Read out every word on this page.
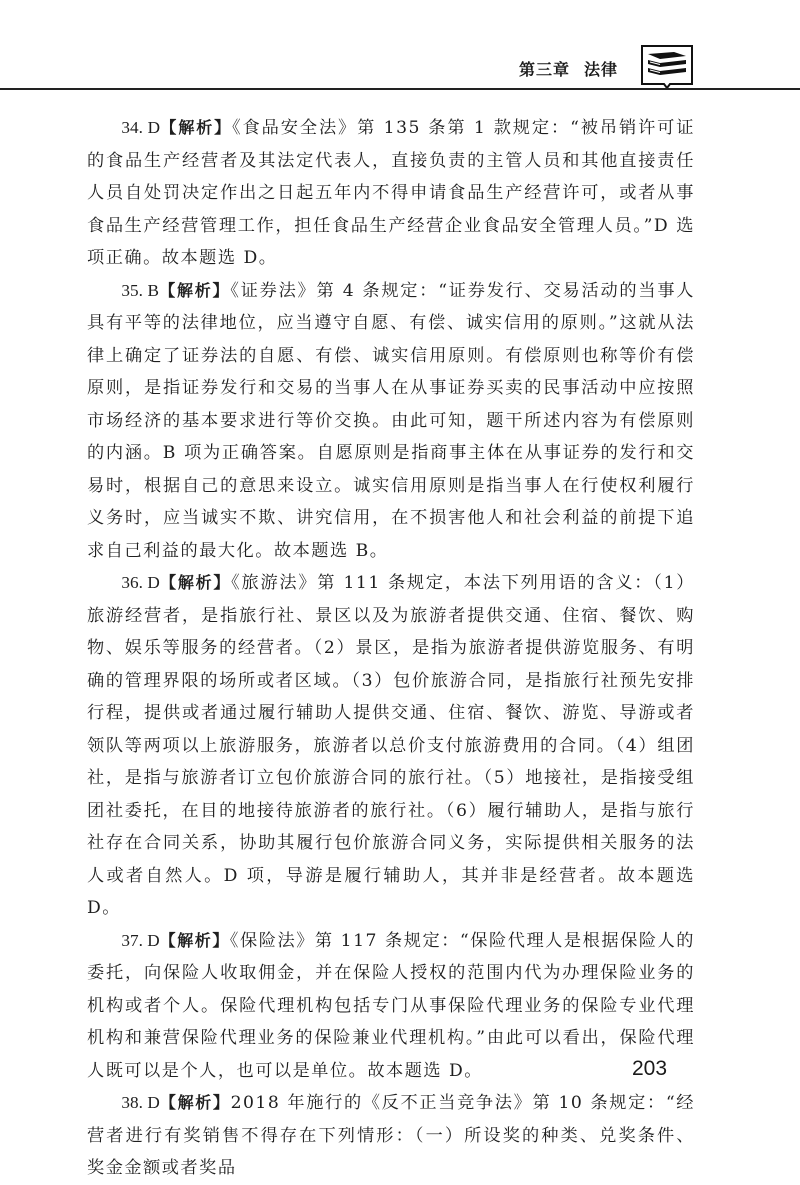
第三章 法律

34. D【解析】《食品安全法》第 135 条第 1 款规定：“被吊销许可证的食品生产经营者及其法定代表人，直接负责的主管人员和其他直接责任人员自处罚决定作出之日起五年内不得申请食品生产经营许可，或者从事食品生产经营管理工作，担任食品生产经营企业食品安全管理人员。”D 选项正确。故本题选 D。

35. B【解析】《证券法》第 4 条规定：“证券发行、交易活动的当事人具有平等的法律地位，应当遵守自愿、有偿、诚实信用的原则。”这就从法律上确定了证券法的自愿、有偿、诚实信用原则。有偿原则也称等价有偿原则，是指证券发行和交易的当事人在从事证券买卖的民事活动中应按照市场经济的基本要求进行等价交换。由此可知，题干所述内容为有偿原则的内涵。B 项为正确答案。自愿原则是指商事主体在从事证券的发行和交易时，根据自己的意思来设立。诚实信用原则是指当事人在行使权利履行义务时，应当诚实不欺、讲究信用，在不损害他人和社会利益的前提下追求自己利益的最大化。故本题选 B。

36. D【解析】《旅游法》第 111 条规定，本法下列用语的含义：（1）旅游经营者，是指旅行社、景区以及为旅游者提供交通、住宿、餐饮、购物、娱乐等服务的经营者。（2）景区，是指为旅游者提供游览服务、有明确的管理界限的场所或者区域。（3）包价旅游合同，是指旅行社预先安排行程，提供或者通过履行辅助人提供交通、住宿、餐饮、游览、导游或者领队等两项以上旅游服务，旅游者以总价支付旅游费用的合同。（4）组团社，是指与旅游者订立包价旅游合同的旅行社。（5）地接社，是指接受组团社委托，在目的地接待旅游者的旅行社。（6）履行辅助人，是指与旅行社存在合同关系，协助其履行包价旅游合同义务，实际提供相关服务的法人或者自然人。D 项，导游是履行辅助人，其并非是经营者。故本题选 D。

37. D【解析】《保险法》第 117 条规定：“保险代理人是根据保险人的委托，向保险人收取佣金，并在保险人授权的范围内代为办理保险业务的机构或者个人。保险代理机构包括专门从事保险代理业务的保险专业代理机构和兼营保险代理业务的保险兼业代理机构。”由此可以看出，保险代理人既可以是个人，也可以是单位。故本题选 D。

38. D【解析】2018 年施行的《反不正当竞争法》第 10 条规定：“经营者进行有奖销售不得存在下列情形：（一）所设奖的种类、兑奖条件、奖金金额或者奖品

203
